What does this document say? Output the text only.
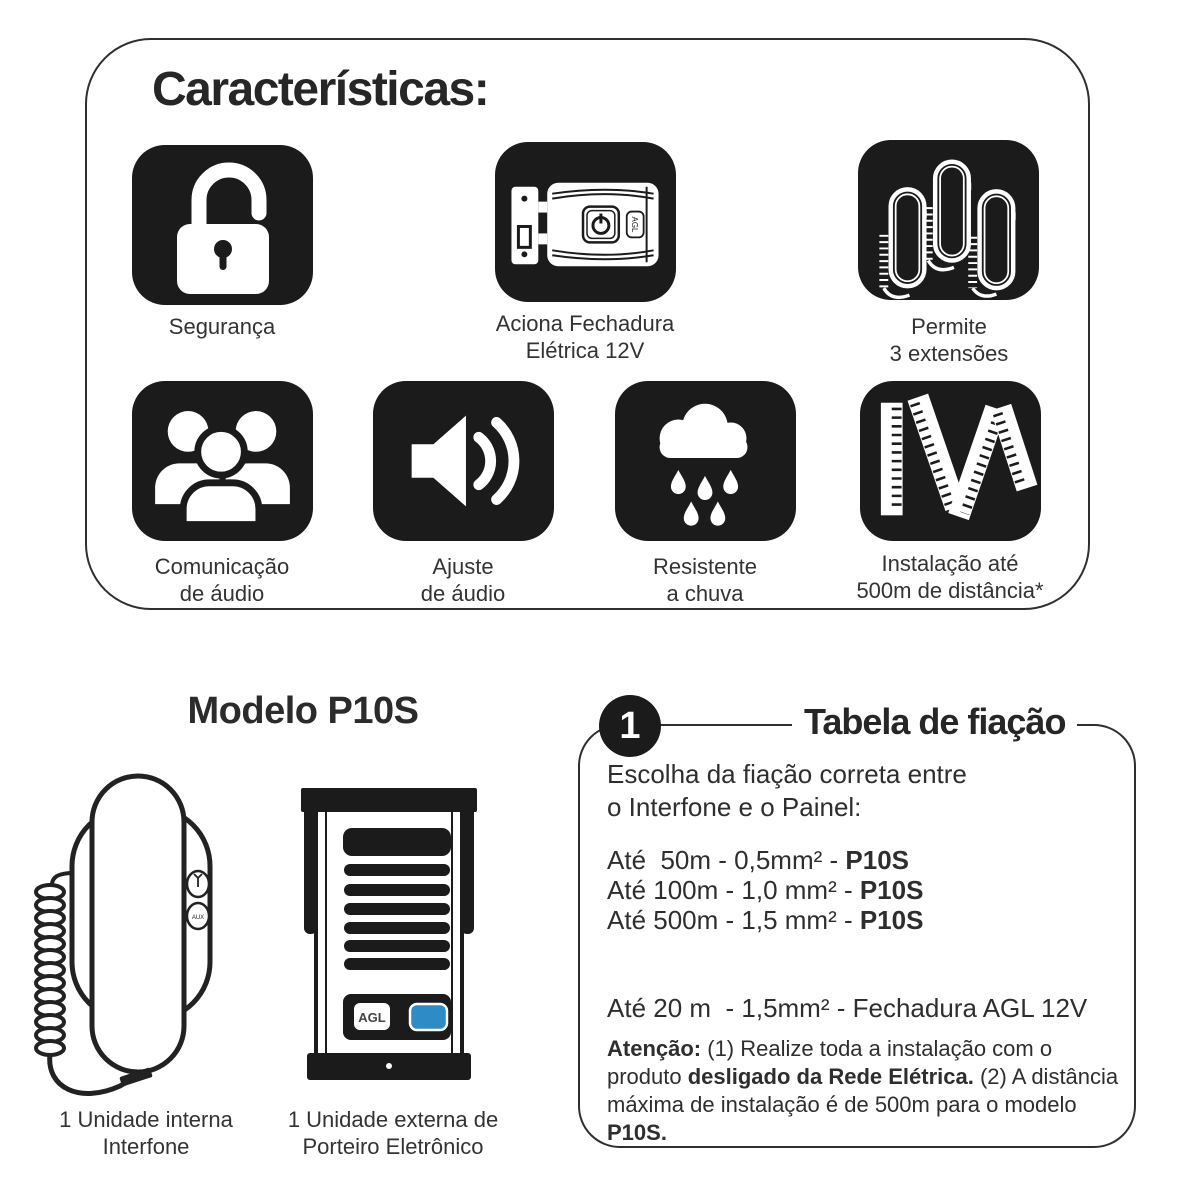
Características:
AGL
Segurança	Aciona Fechadura
Elétrica 12V
Permite
3 extensões
Comunicação
de áudio
Ajuste
de áudio
Resistente
a chuva
Instalação até
500m de distância*
Modelo P10S
AUX
AGL
1 Unidade interna
Interfone
1 Unidade externa de
Porteiro Eletrônico
1	Tabela de fiação
Escolha da fiação correta entre
o Interfone e o Painel:
Até  50m - 0,5mm² - P10S
Até 100m - 1,0 mm² - P10S
Até 500m - 1,5 mm² - P10S
Até 20 m  - 1,5mm² - Fechadura AGL 12V
Atenção: (1) Realize toda a instalação com o produto desligado da Rede Elétrica. (2) A distância máxima de instalação é de 500m para o modelo P10S.
